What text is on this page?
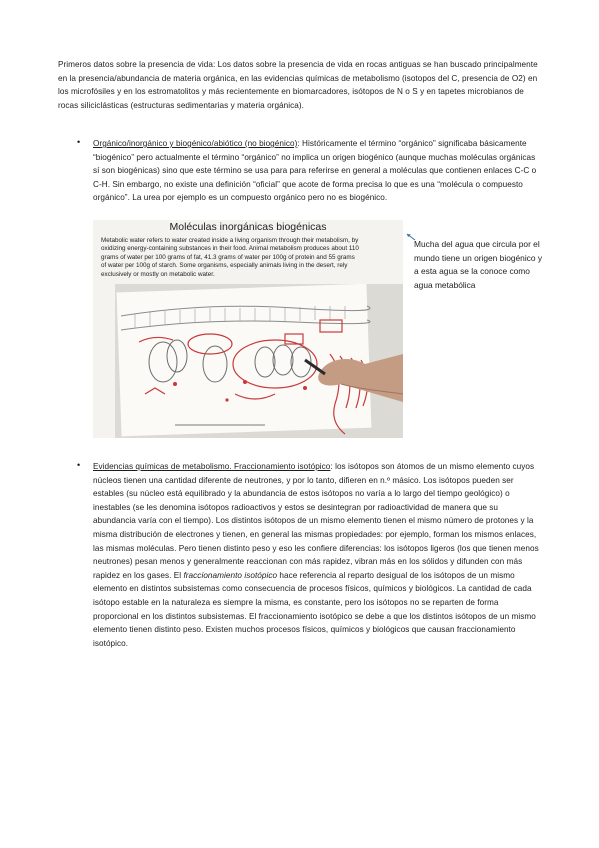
Primeros datos sobre la presencia de vida: Los datos sobre la presencia de vida en rocas antiguas se han buscado principalmente en la presencia/abundancia de materia orgánica, en las evidencias químicas de metabolismo (isotopos del C, presencia de O2) en los microfósiles y en los estromatolitos y más recientemente en biomarcadores, isótopos de N o S y en tapetes microbianos de rocas siliciclásticas (estructuras sedimentarias y materia orgánica).
• Orgánico/inorgánico y biogénico/abiótico (no biogénico): Históricamente el término “orgánico” significaba básicamente “biogénico” pero actualmente el término “orgánico” no implica un origen biogénico (aunque muchas moléculas orgánicas sí son biogénicas) sino que este término se usa para para referirse en general a moléculas que contienen enlaces C-C o C-H. Sin embargo, no existe una definición “oficial” que acote de forma precisa lo que es una “molécula o compuesto orgánico”. La urea por ejemplo es un compuesto orgánico pero no es biogénico.
Moléculas inorgánicas biogénicas
Metabolic water refers to water created inside a living organism through their metabolism, by oxidizing energy-containing substances in their food. Animal metabolism produces about 110 grams of water per 100 grams of fat, 41.3 grams of water per 100g of protein and 55 grams of water per 100g of starch. Some organisms, especially animals living in the desert, rely exclusively or mostly on metabolic water.
Mucha del agua que circula por el mundo tiene un origen biogénico y a esta agua se la conoce como agua metabólica
• Evidencias químicas de metabolismo. Fraccionamiento isotópico: los isótopos son átomos de un mismo elemento cuyos núcleos tienen una cantidad diferente de neutrones, y por lo tanto, difieren en n.º másico. Los isótopos pueden ser estables (su núcleo está equilibrado y la abundancia de estos isótopos no varía a lo largo del tiempo geológico) o inestables (se les denomina isótopos radioactivos y estos se desintegran por radioactividad de manera que su abundancia varía con el tiempo). Los distintos isótopos de un mismo elemento tienen el mismo número de protones y la misma distribución de electrones y tienen, en general las mismas propiedades: por ejemplo, forman los mismos enlaces, las mismas moléculas. Pero tienen distinto peso y eso les confiere diferencias: los isótopos ligeros (los que tienen menos neutrones) pesan menos y generalmente reaccionan con más rapidez, vibran más en los sólidos y difunden con más rapidez en los gases. El fraccionamiento isotópico hace referencia al reparto desigual de los isótopos de un mismo elemento en distintos subsistemas como consecuencia de procesos físicos, químicos y biológicos. La cantidad de cada isótopo estable en la naturaleza es siempre la misma, es constante, pero los isótopos no se reparten de forma proporcional en los distintos subsistemas. El fraccionamiento isotópico se debe a que los distintos isótopos de un mismo elemento tienen distinto peso. Existen muchos procesos físicos, químicos y biológicos que causan fraccionamiento isotópico.
